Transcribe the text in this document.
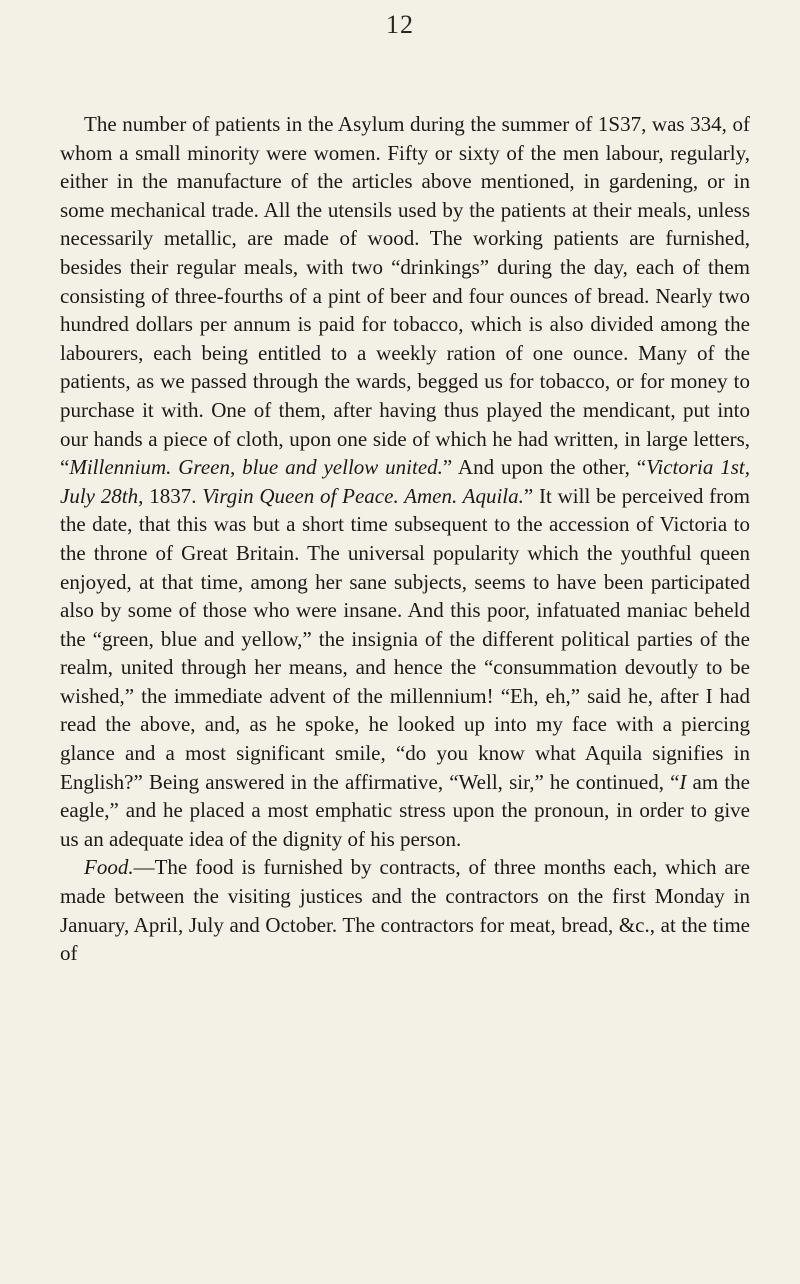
12

The number of patients in the Asylum during the summer of 1S37, was 334, of whom a small minority were women. Fifty or sixty of the men labour, regularly, either in the manufacture of the articles above mentioned, in gardening, or in some mechanical trade. All the utensils used by the patients at their meals, unless necessarily metallic, are made of wood. The working patients are furnished, besides their regular meals, with two “drinkings” during the day, each of them consisting of three-fourths of a pint of beer and four ounces of bread. Nearly two hundred dollars per annum is paid for tobacco, which is also divided among the labourers, each being entitled to a weekly ration of one ounce. Many of the patients, as we passed through the wards, begged us for tobacco, or for money to purchase it with. One of them, after having thus played the mendicant, put into our hands a piece of cloth, upon one side of which he had written, in large letters, “Millennium. Green, blue and yellow united.” And upon the other, “Victoria 1st, July 28th, 1837. Virgin Queen of Peace. Amen. Aquila.” It will be perceived from the date, that this was but a short time subsequent to the accession of Victoria to the throne of Great Britain. The universal popularity which the youthful queen enjoyed, at that time, among her sane subjects, seems to have been participated also by some of those who were insane. And this poor, infatuated maniac beheld the “green, blue and yellow,” the insignia of the different political parties of the realm, united through her means, and hence the “consummation devoutly to be wished,” the immediate advent of the millennium! “Eh, eh,” said he, after I had read the above, and, as he spoke, he looked up into my face with a piercing glance and a most significant smile, “do you know what Aquila signifies in English?” Being answered in the affirmative, “Well, sir,” he continued, “I am the eagle,” and he placed a most emphatic stress upon the pronoun, in order to give us an adequate idea of the dignity of his person.

Food.—The food is furnished by contracts, of three months each, which are made between the visiting justices and the contractors on the first Monday in January, April, July and October. The contractors for meat, bread, &c., at the time of
